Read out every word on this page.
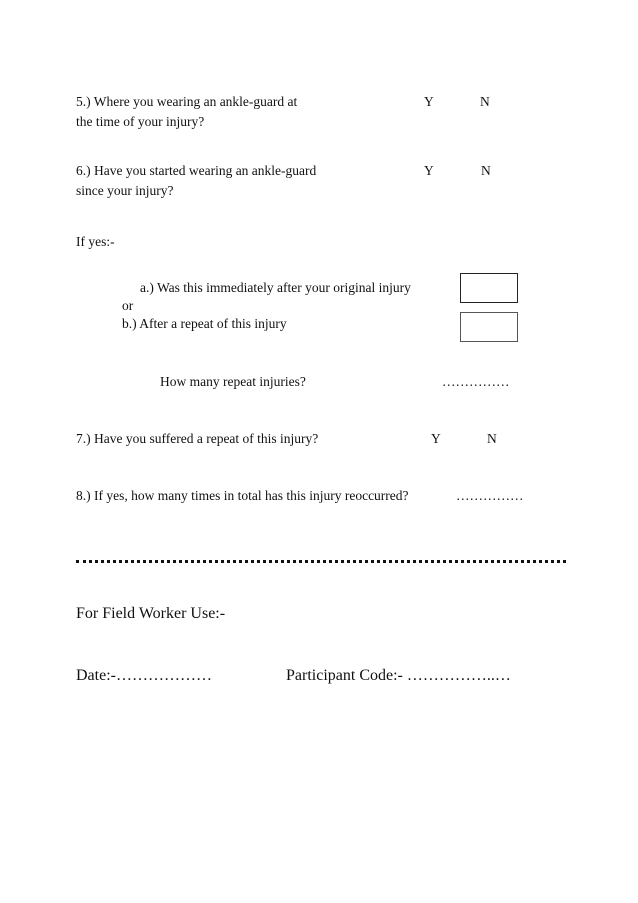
5.) Where you wearing an ankle-guard at	Y	N
the time of your injury?
6.) Have you started wearing an ankle-guard	Y	N
since your injury?
If yes:-
a.) Was this immediately after your original injury
or
b.) After a repeat of this injury
How many repeat injuries?	……………
7.) Have you suffered a repeat of this injury?	Y	N
8.) If yes, how many times in total has this injury reoccurred?	……………
For Field Worker Use:-
Date:-………………	Participant Code:- ……………..…
